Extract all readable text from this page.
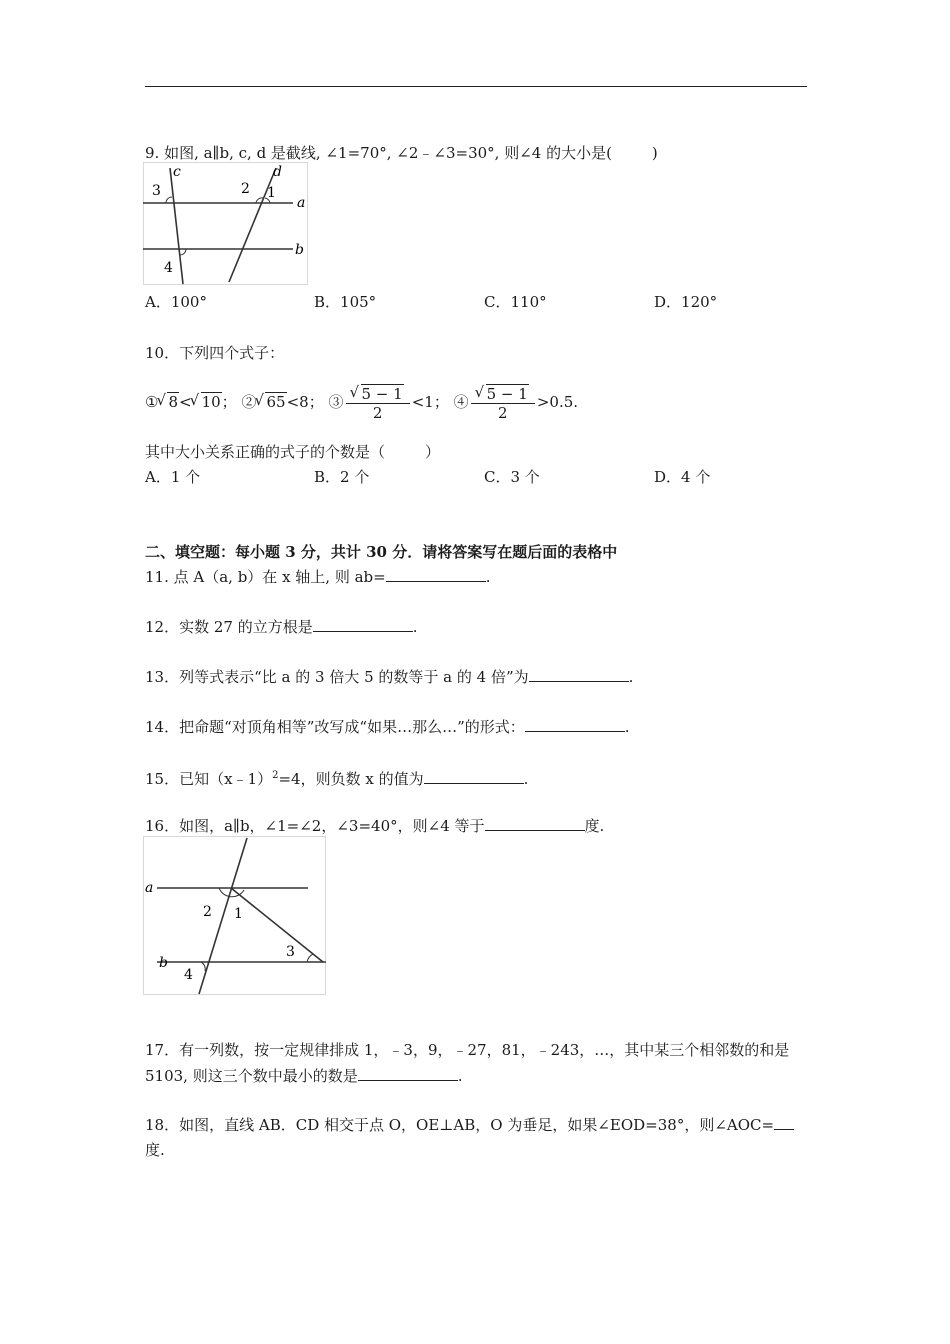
9. 如图, a∥b, c, d 是截线, ∠1=70°, ∠2﹣∠3=30°, 则∠4 的大小是(	)
c	d
a
b
3	2 1
4
A．100°	B．105°	C．110°	D．120°
10．下列四个式子：
① √ 8< √ 10； ② √ 65<8； ③ √ $\frac{5 - 1}{2} <1$； ④ √ $\frac{5 - 1}{2} >0.5$.
其中大小关系正确的式子的个数是（	）
A．1 个	B．2 个	C．3 个	D．4 个
二、填空题：每小题 3 分，共计 30 分．请将答案写在题后面的表格中
11. 点 A（a, b）在 x 轴上, 则 ab=	.
12．实数 27 的立方根是	.
13．列等式表示“比 a 的 3 倍大 5 的数等于 a 的 4 倍”为	.
14．把命题“对顶角相等”改写成“如果…那么…”的形式：	.
15．已知（x﹣1）$^2$=4，则负数 x 的值为	.
16．如图，a∥b，∠1=∠2，∠3=40°，则∠4 等于	度.
a
b
2 1
3
4
17．有一列数，按一定规律排成 1，﹣3，9，﹣27，81，﹣243，…，其中某三个相邻数的和是
5103, 则这三个数中最小的数是	.
18．如图，直线 AB．CD 相交于点 O，OE⊥AB，O 为垂足，如果∠EOD=38°，则∠AOC=
度.
